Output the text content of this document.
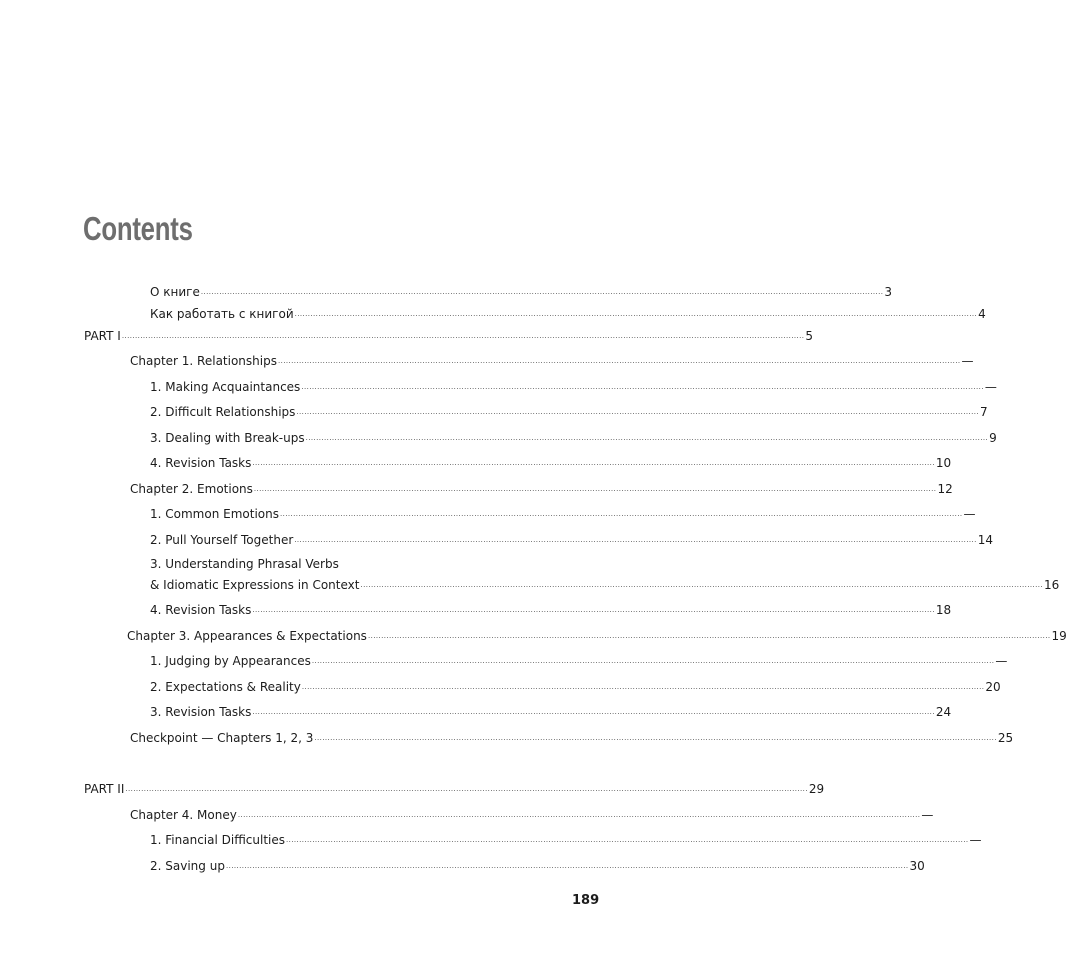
Contents
О книге .................................................................................................................................................................................................................................................................... 3
Как работать с книгой .................................................................................................................................................................................................................................................................... 4
PART I .................................................................................................................................................................................................................................................................... 5
Chapter 1. Relationships .................................................................................................................................................................................................................................................................... —
1. Making Acquaintances .................................................................................................................................................................................................................................................................... —
2. Difficult Relationships .................................................................................................................................................................................................................................................................... 7
3. Dealing with Break-ups .................................................................................................................................................................................................................................................................... 9
4. Revision Tasks .................................................................................................................................................................................................................................................................... 10
Chapter 2. Emotions .................................................................................................................................................................................................................................................................... 12
1. Common Emotions .................................................................................................................................................................................................................................................................... —
2. Pull Yourself Together .................................................................................................................................................................................................................................................................... 14
3. Understanding Phrasal Verbs
& Idiomatic Expressions in Context .................................................................................................................................................................................................................................................................... 16
4. Revision Tasks .................................................................................................................................................................................................................................................................... 18
Chapter 3. Appearances & Expectations .................................................................................................................................................................................................................................................................... 19
1. Judging by Appearances .................................................................................................................................................................................................................................................................... —
2. Expectations & Reality .................................................................................................................................................................................................................................................................... 20
3. Revision Tasks .................................................................................................................................................................................................................................................................... 24
Checkpoint — Chapters 1, 2, 3 .................................................................................................................................................................................................................................................................... 25
PART II .................................................................................................................................................................................................................................................................... 29
Chapter 4. Money .................................................................................................................................................................................................................................................................... —
1. Financial Difficulties .................................................................................................................................................................................................................................................................... —
2. Saving up .................................................................................................................................................................................................................................................................... 30
189
